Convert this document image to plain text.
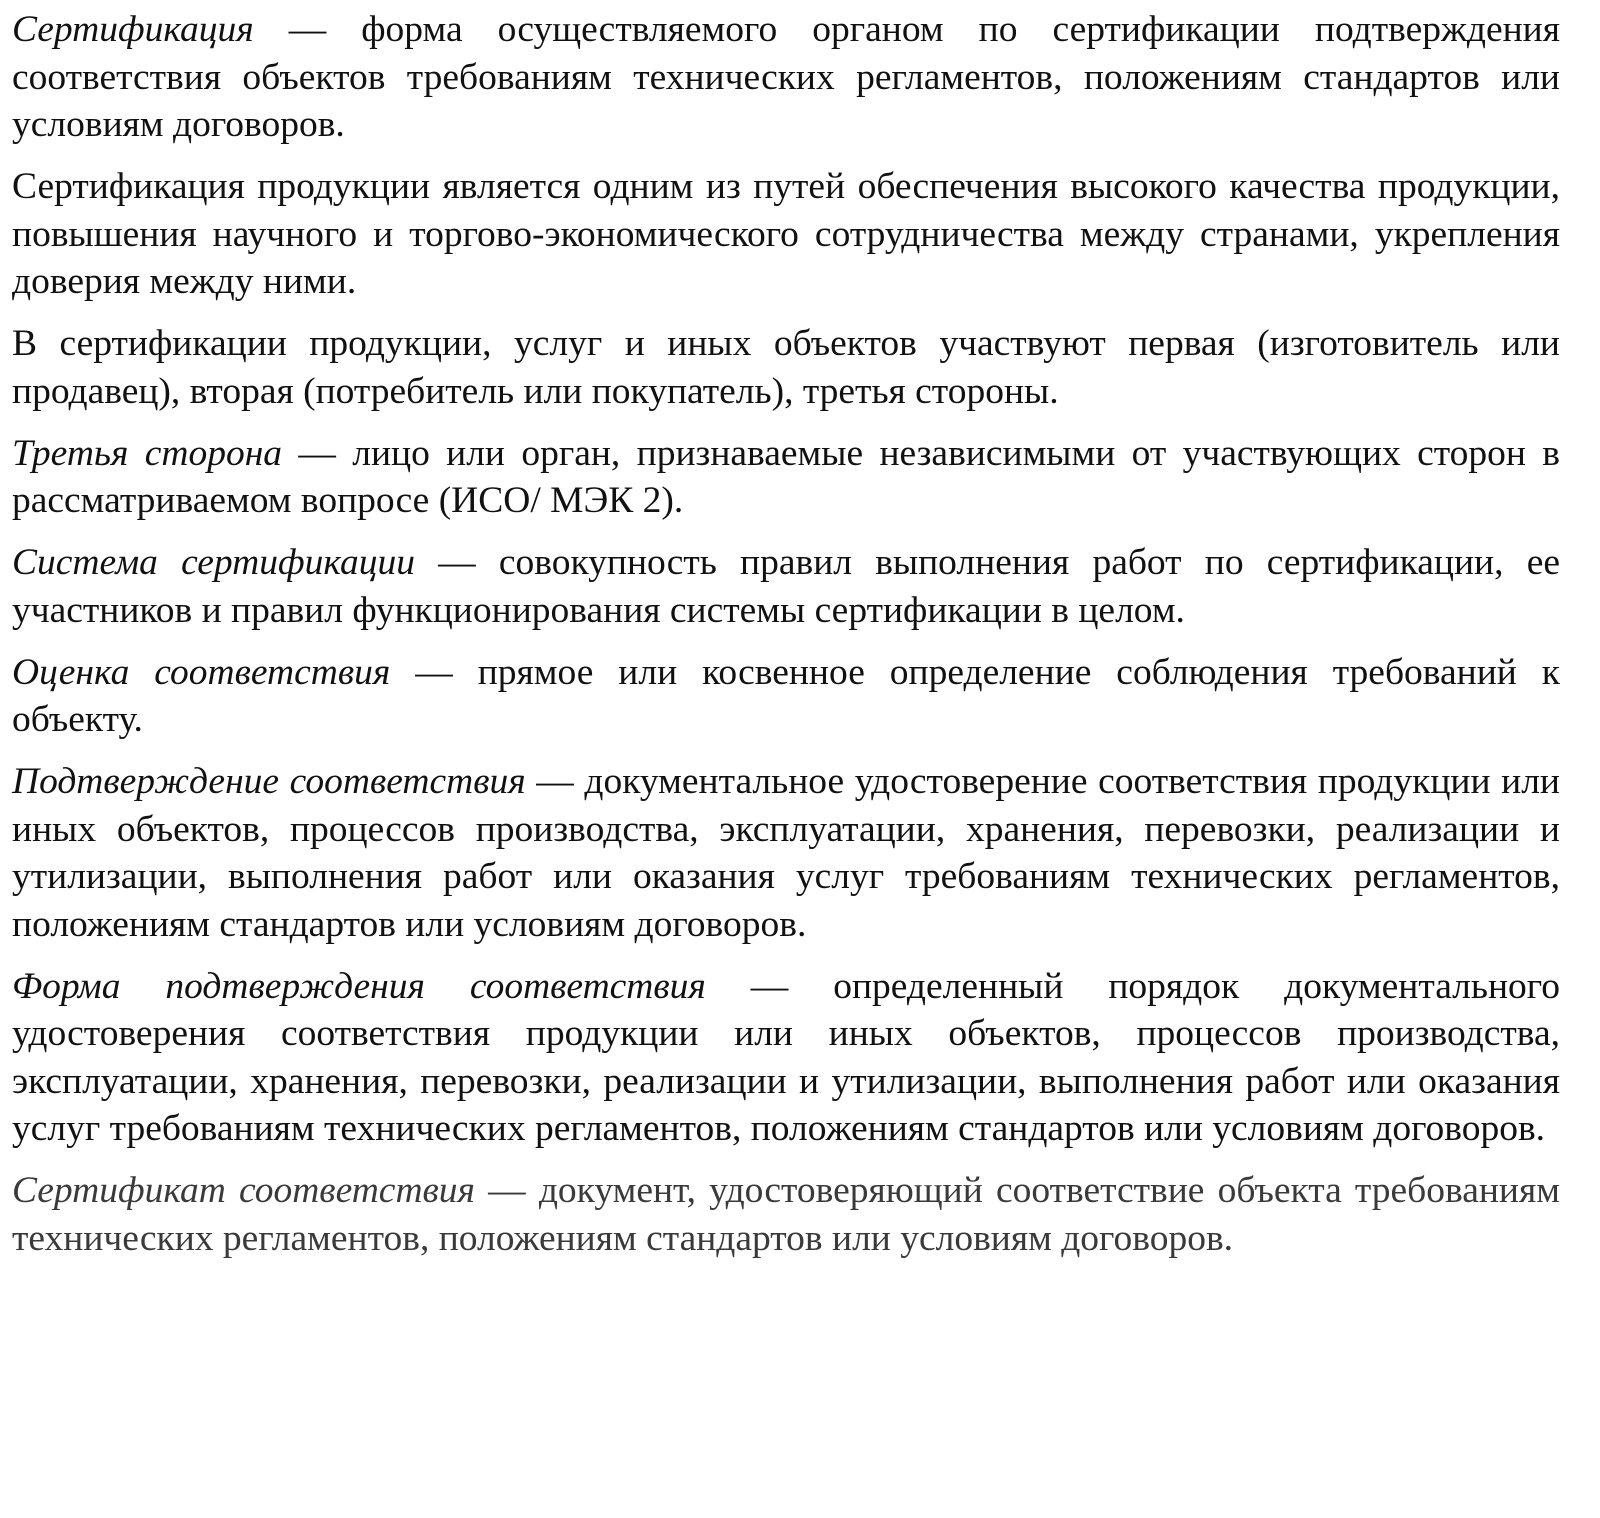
Сертификация — форма осуществляемого органом по сертификации подтверждения соответствия объектов требованиям технических регламентов, положениям стандартов или условиям договоров.

Сертификация продукции является одним из путей обеспечения высокого качества продукции, повышения научного и торгово-экономического сотрудничества между странами, укрепления доверия между ними.

В сертификации продукции, услуг и иных объектов участвуют первая (изготовитель или продавец), вторая (потребитель или покупатель), третья стороны.

Третья сторона — лицо или орган, признаваемые независимыми от участвующих сторон в рассматриваемом вопросе (ИСО/ МЭК 2).

Система сертификации — совокупность правил выполнения работ по сертификации, ее участников и правил функционирования системы сертификации в целом.

Оценка соответствия — прямое или косвенное определение соблюдения требований к объекту.

Подтверждение соответствия — документальное удостоверение соответствия продукции или иных объектов, процессов производства, эксплуатации, хранения, перевозки, реализации и утилизации, выполнения работ или оказания услуг требованиям технических регламентов, положениям стандартов или условиям договоров.

Форма подтверждения соответствия — определенный порядок документального удостоверения соответствия продукции или иных объектов, процессов производства, эксплуатации, хранения, перевозки, реализации и утилизации, выполнения работ или оказания услуг требованиям технических регламентов, положениям стандартов или условиям договоров.

Сертификат соответствия — документ, удостоверяющий соответствие объекта требованиям технических регламентов, положениям стандартов или условиям договоров.
